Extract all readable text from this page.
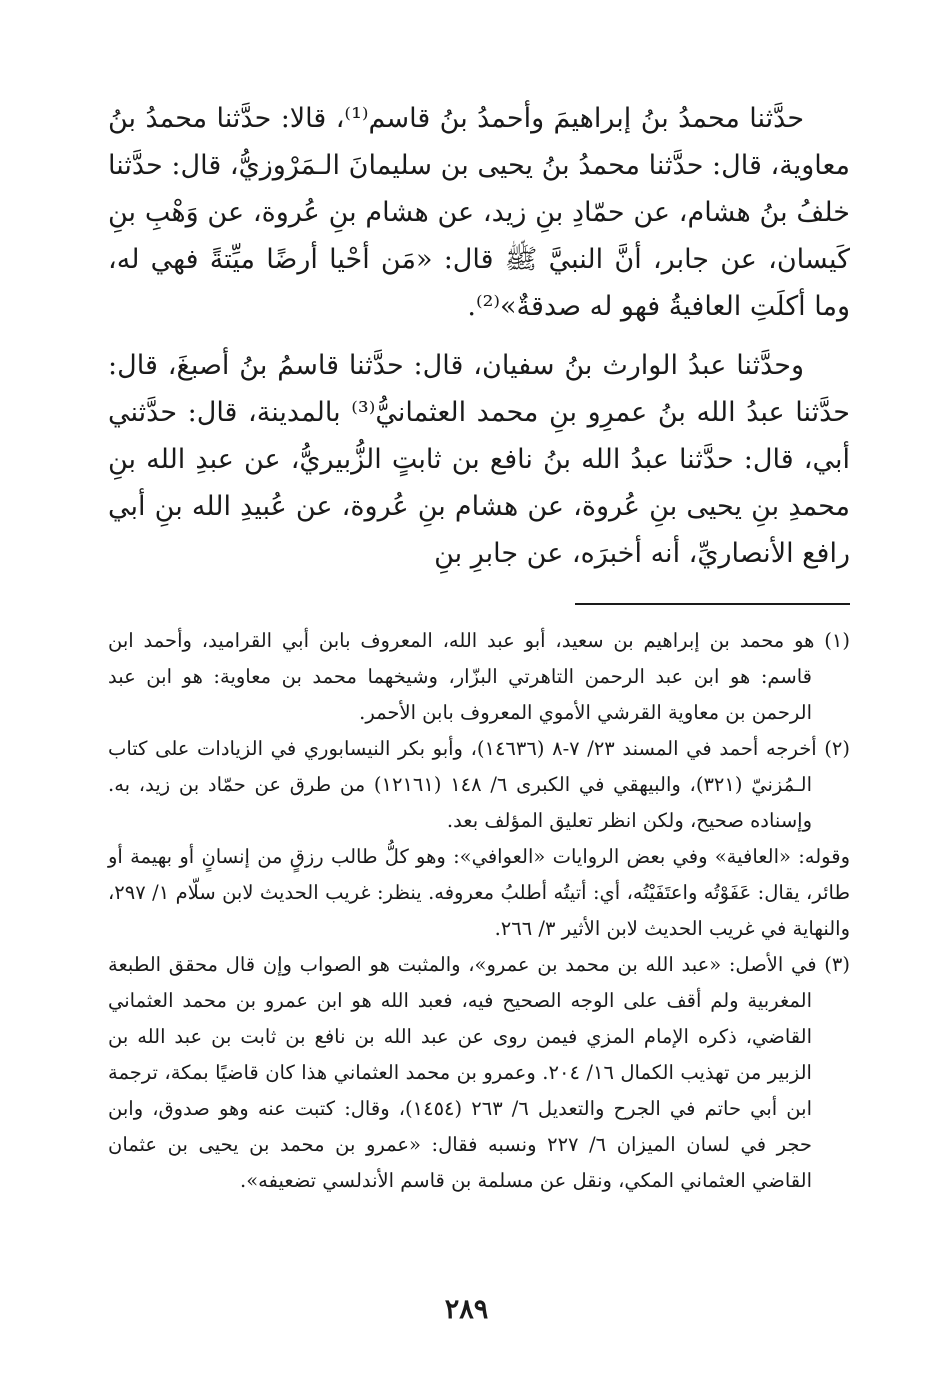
حدَّثنا محمدُ بنُ إبراهيمَ وأحمدُ بنُ قاسم⁽¹⁾، قالا: حدَّثنا محمدُ بنُ معاوية، قال: حدَّثنا محمدُ بنُ يحيى بن سليمانَ الـمَرْوزيُّ، قال: حدَّثنا خلفُ بنُ هشام، عن حمّادِ بنِ زيد، عن هشام بنِ عُروة، عن وَهْبِ بنِ كَيسان، عن جابر، أنَّ النبيَّ ﷺ قال: «مَن أحْيا أرضًا ميِّتةً فهي له، وما أكلَتِ العافيةُ فهو له صدقةٌ»⁽²⁾.

وحدَّثنا عبدُ الوارث بنُ سفيان، قال: حدَّثنا قاسمُ بنُ أصبغَ، قال: حدَّثنا عبدُ الله بنُ عمرِو بنِ محمد العثمانيُّ⁽³⁾ بالمدينة، قال: حدَّثني أبي، قال: حدَّثنا عبدُ الله بنُ نافع بن ثابتٍ الزُّبيريُّ، عن عبدِ الله بنِ محمدِ بنِ يحيى بنِ عُروة، عن هشام بنِ عُروة، عن عُبيدِ الله بنِ أبي رافع الأنصاريِّ، أنه أخبرَه، عن جابرِ بنِ

(١) هو محمد بن إبراهيم بن سعيد، أبو عبد الله، المعروف بابن أبي القراميد، وأحمد ابن قاسم: هو ابن عبد الرحمن التاهرتي البزّار، وشيخهما محمد بن معاوية: هو ابن عبد الرحمن بن معاوية القرشي الأموي المعروف بابن الأحمر.

(٢) أخرجه أحمد في المسند ٢٣/ ٧-٨ (١٤٦٣٦)، وأبو بكر النيسابوري في الزيادات على كتاب الـمُزنيّ (٣٢١)، والبيهقي في الكبرى ٦/ ١٤٨ (١٢١٦١) من طرق عن حمّاد بن زيد، به. وإسناده صحيح، ولكن انظر تعليق المؤلف بعد.

وقوله: «العافية» وفي بعض الروايات «العوافي»: وهو كلُّ طالب رزقٍ من إنسانٍ أو بهيمة أو طائر، يقال: عَفَوْتُه واعتَفَيْتُه، أي: أتيتُه أطلبُ معروفه. ينظر: غريب الحديث لابن سلّام ١/ ٢٩٧، والنهاية في غريب الحديث لابن الأثير ٣/ ٢٦٦.

(٣) في الأصل: «عبد الله بن محمد بن عمرو»، والمثبت هو الصواب وإن قال محقق الطبعة المغربية ولم أقف على الوجه الصحيح فيه، فعبد الله هو ابن عمرو بن محمد العثماني القاضي، ذكره الإمام المزي فيمن روى عن عبد الله بن نافع بن ثابت بن عبد الله بن الزبير من تهذيب الكمال ١٦/ ٢٠٤. وعمرو بن محمد العثماني هذا كان قاضيًا بمكة، ترجمة ابن أبي حاتم في الجرح والتعديل ٦/ ٢٦٣ (١٤٥٤)، وقال: كتبت عنه وهو صدوق، وابن حجر في لسان الميزان ٦/ ٢٢٧ ونسبه فقال: «عمرو بن محمد بن يحيى بن عثمان القاضي العثماني المكي، ونقل عن مسلمة بن قاسم الأندلسي تضعيفه».

٢٨٩
